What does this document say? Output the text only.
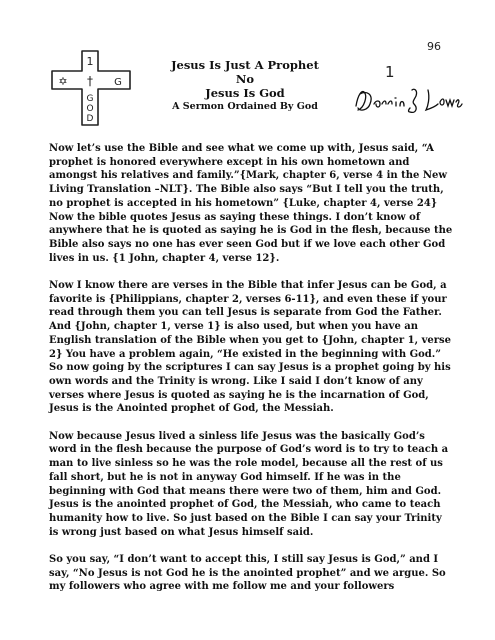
1
✡ † G
G
O
D
Jesus Is Just A Prophet
No
Jesus Is God
A Sermon Ordained By God
96
1

Now let’s use the Bible and see what we come up with, Jesus said, “A prophet is honored everywhere except in his own hometown and amongst his relatives and family.”{Mark, chapter 6, verse 4 in the New Living Translation –NLT}. The Bible also says “But I tell you the truth, no prophet is accepted in his hometown” {Luke, chapter 4, verse 24} Now the bible quotes Jesus as saying these things. I don’t know of anywhere that he is quoted as saying he is God in the flesh, because the Bible also says no one has ever seen God but if we love each other God lives in us. {1 John, chapter 4, verse 12}.

Now I know there are verses in the Bible that infer Jesus can be God, a favorite is {Philippians, chapter 2, verses 6-11}, and even these if your read through them you can tell Jesus is separate from God the Father. And {John, chapter 1, verse 1} is also used, but when you have an English translation of the Bible when you get to {John, chapter 1, verse 2} You have a problem again, “He existed in the beginning with God.” So now going by the scriptures I can say Jesus is a prophet going by his own words and the Trinity is wrong. Like I said I don’t know of any verses where Jesus is quoted as saying he is the incarnation of God, Jesus is the Anointed prophet of God, the Messiah.

Now because Jesus lived a sinless life Jesus was the basically God’s word in the flesh because the purpose of God’s word is to try to teach a man to live sinless so he was the role model, because all the rest of us fall short, but he is not in anyway God himself. If he was in the beginning with God that means there were two of them, him and God. Jesus is the anointed prophet of God, the Messiah, who came to teach humanity how to live. So just based on the Bible I can say your Trinity is wrong just based on what Jesus himself said.

So you say, “I don’t want to accept this, I still say Jesus is God,” and I say, “No Jesus is not God he is the anointed prophet” and we argue. So my followers who agree with me follow me and your followers
